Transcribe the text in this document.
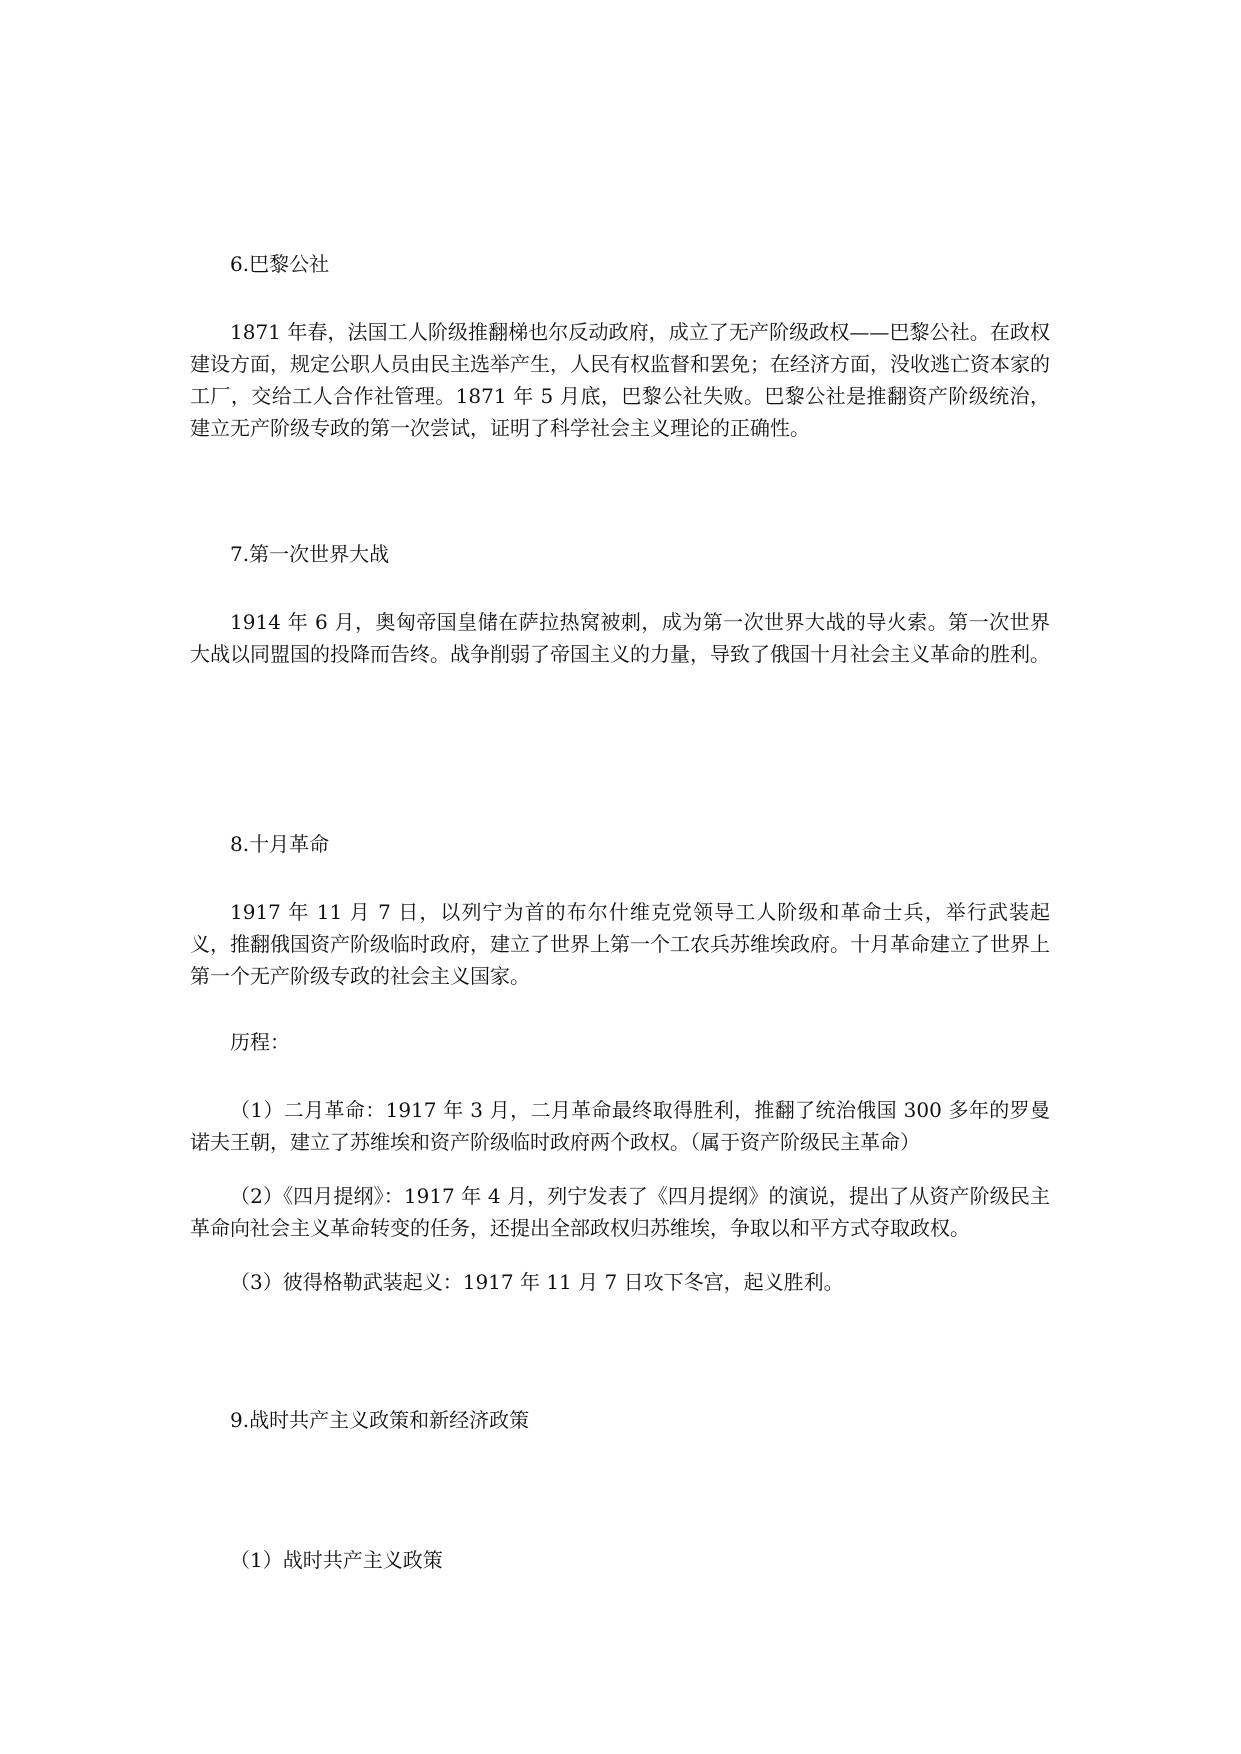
6.巴黎公社

1871 年春，法国工人阶级推翻梯也尔反动政府，成立了无产阶级政权——巴黎公社。在政权建设方面，规定公职人员由民主选举产生，人民有权监督和罢免；在经济方面，没收逃亡资本家的工厂，交给工人合作社管理。1871 年 5 月底，巴黎公社失败。巴黎公社是推翻资产阶级统治，建立无产阶级专政的第一次尝试，证明了科学社会主义理论的正确性。

7.第一次世界大战

1914 年 6 月，奥匈帝国皇储在萨拉热窝被刺，成为第一次世界大战的导火索。第一次世界大战以同盟国的投降而告终。战争削弱了帝国主义的力量，导致了俄国十月社会主义革命的胜利。

8.十月革命

1917 年 11 月 7 日，以列宁为首的布尔什维克党领导工人阶级和革命士兵，举行武装起义，推翻俄国资产阶级临时政府，建立了世界上第一个工农兵苏维埃政府。十月革命建立了世界上第一个无产阶级专政的社会主义国家。

历程：

（1）二月革命：1917 年 3 月，二月革命最终取得胜利，推翻了统治俄国 300 多年的罗曼诺夫王朝，建立了苏维埃和资产阶级临时政府两个政权。（属于资产阶级民主革命）

（2）《四月提纲》：1917 年 4 月，列宁发表了《四月提纲》的演说，提出了从资产阶级民主革命向社会主义革命转变的任务，还提出全部政权归苏维埃，争取以和平方式夺取政权。

（3）彼得格勒武装起义：1917 年 11 月 7 日攻下冬宫，起义胜利。

9.战时共产主义政策和新经济政策

（1）战时共产主义政策
